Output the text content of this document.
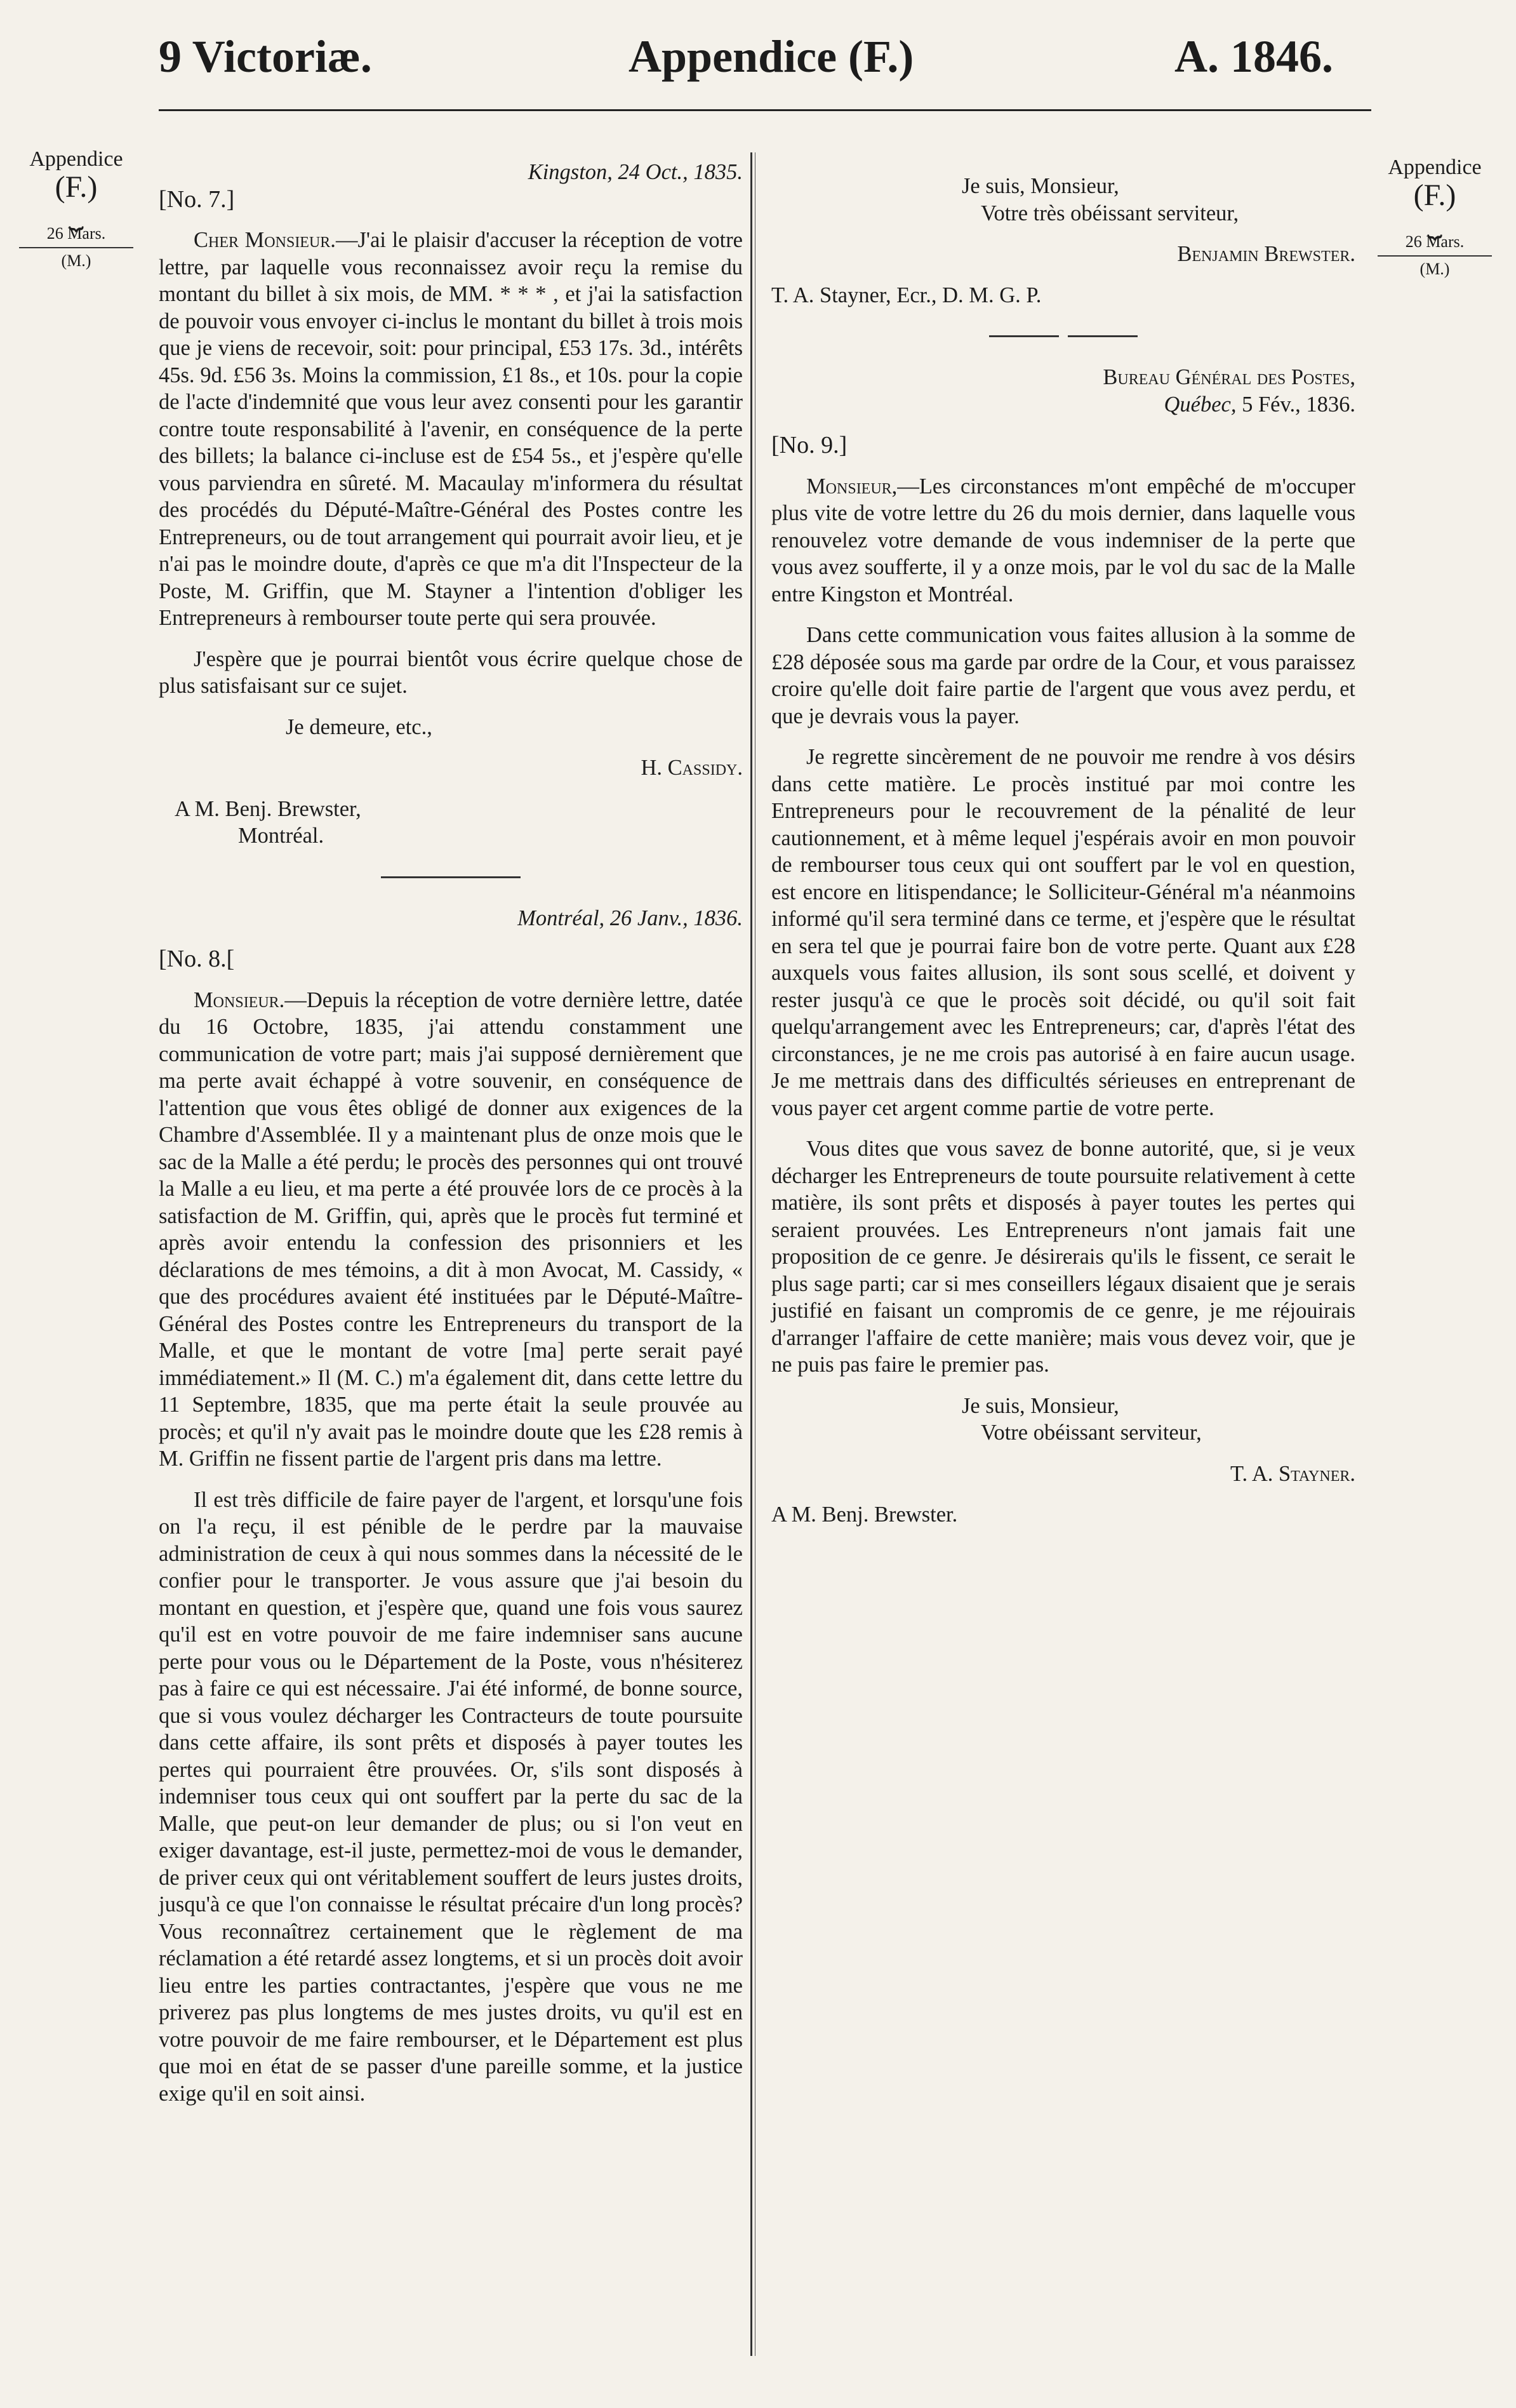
9 Victoriæ.	Appendice (F.)	A. 1846.
Appendice
(F.)
⏟
26 Mars.
(M.)
Appendice
(F.)
⏟
26 Mars.
(M.)
Kingston, 24 Oct., 1835.
[No. 7.]

Cher Monsieur.—J'ai le plaisir d'accuser la réception de votre lettre, par laquelle vous reconnaissez avoir reçu la remise du montant du billet à six mois, de MM. * * * , et j'ai la satisfaction de pouvoir vous envoyer ci-inclus le montant du billet à trois mois que je viens de recevoir, soit: pour principal, £53 17s. 3d., intérêts 45s. 9d. £56 3s. Moins la commission, £1 8s., et 10s. pour la copie de l'acte d'indemnité que vous leur avez consenti pour les garantir contre toute responsabilité à l'avenir, en conséquence de la perte des billets; la balance ci-incluse est de £54 5s., et j'espère qu'elle vous parviendra en sûreté. M. Macaulay m'informera du résultat des procédés du Député-Maître-Général des Postes contre les Entrepreneurs, ou de tout arrangement qui pourrait avoir lieu, et je n'ai pas le moindre doute, d'après ce que m'a dit l'Inspecteur de la Poste, M. Griffin, que M. Stayner a l'intention d'obliger les Entrepreneurs à rembourser toute perte qui sera prouvée.

J'espère que je pourrai bientôt vous écrire quelque chose de plus satisfaisant sur ce sujet.

Je demeure, etc.,
H. Cassidy.
A M. Benj. Brewster,
Montréal.
Montréal, 26 Janv., 1836.
[No. 8.[

Monsieur.—Depuis la réception de votre dernière lettre, datée du 16 Octobre, 1835, j'ai attendu constamment une communication de votre part; mais j'ai supposé dernièrement que ma perte avait échappé à votre souvenir, en conséquence de l'attention que vous êtes obligé de donner aux exigences de la Chambre d'Assemblée. Il y a maintenant plus de onze mois que le sac de la Malle a été perdu; le procès des personnes qui ont trouvé la Malle a eu lieu, et ma perte a été prouvée lors de ce procès à la satisfaction de M. Griffin, qui, après que le procès fut terminé et après avoir entendu la confession des prisonniers et les déclarations de mes témoins, a dit à mon Avocat, M. Cassidy, « que des procédures avaient été instituées par le Député-Maître-Général des Postes contre les Entrepreneurs du transport de la Malle, et que le montant de votre [ma] perte serait payé immédiatement.» Il (M. C.) m'a également dit, dans cette lettre du 11 Septembre, 1835, que ma perte était la seule prouvée au procès; et qu'il n'y avait pas le moindre doute que les £28 remis à M. Griffin ne fissent partie de l'argent pris dans ma lettre.

Il est très difficile de faire payer de l'argent, et lorsqu'une fois on l'a reçu, il est pénible de le perdre par la mauvaise administration de ceux à qui nous sommes dans la nécessité de le confier pour le transporter. Je vous assure que j'ai besoin du montant en question, et j'espère que, quand une fois vous saurez qu'il est en votre pouvoir de me faire indemniser sans aucune perte pour vous ou le Département de la Poste, vous n'hésiterez pas à faire ce qui est nécessaire. J'ai été informé, de bonne source, que si vous voulez décharger les Contracteurs de toute poursuite dans cette affaire, ils sont prêts et disposés à payer toutes les pertes qui pourraient être prouvées. Or, s'ils sont disposés à indemniser tous ceux qui ont souffert par la perte du sac de la Malle, que peut-on leur demander de plus; ou si l'on veut en exiger davantage, est-il juste, permettez-moi de vous le demander, de priver ceux qui ont véritablement souffert de leurs justes droits, jusqu'à ce que l'on connaisse le résultat précaire d'un long procès? Vous reconnaîtrez certainement que le règlement de ma réclamation a été retardé assez longtems, et si un procès doit avoir lieu entre les parties contractantes, j'espère que vous ne me priverez pas plus longtems de mes justes droits, vu qu'il est en votre pouvoir de me faire rembourser, et le Département est plus que moi en état de se passer d'une pareille somme, et la justice exige qu'il en soit ainsi.

Je suis, Monsieur,
Votre très obéissant serviteur,
Benjamin Brewster.
T. A. Stayner, Ecr., D. M. G. P.
Bureau Général des Postes,
Québec, 5 Fév., 1836.
[No. 9.]

Monsieur,—Les circonstances m'ont empêché de m'occuper plus vite de votre lettre du 26 du mois dernier, dans laquelle vous renouvelez votre demande de vous indemniser de la perte que vous avez soufferte, il y a onze mois, par le vol du sac de la Malle entre Kingston et Montréal.

Dans cette communication vous faites allusion à la somme de £28 déposée sous ma garde par ordre de la Cour, et vous paraissez croire qu'elle doit faire partie de l'argent que vous avez perdu, et que je devrais vous la payer.

Je regrette sincèrement de ne pouvoir me rendre à vos désirs dans cette matière. Le procès institué par moi contre les Entrepreneurs pour le recouvrement de la pénalité de leur cautionnement, et à même lequel j'espérais avoir en mon pouvoir de rembourser tous ceux qui ont souffert par le vol en question, est encore en litispendance; le Solliciteur-Général m'a néanmoins informé qu'il sera terminé dans ce terme, et j'espère que le résultat en sera tel que je pourrai faire bon de votre perte. Quant aux £28 auxquels vous faites allusion, ils sont sous scellé, et doivent y rester jusqu'à ce que le procès soit décidé, ou qu'il soit fait quelqu'arrangement avec les Entrepreneurs; car, d'après l'état des circonstances, je ne me crois pas autorisé à en faire aucun usage. Je me mettrais dans des difficultés sérieuses en entreprenant de vous payer cet argent comme partie de votre perte.

Vous dites que vous savez de bonne autorité, que, si je veux décharger les Entrepreneurs de toute poursuite relativement à cette matière, ils sont prêts et disposés à payer toutes les pertes qui seraient prouvées. Les Entrepreneurs n'ont jamais fait une proposition de ce genre. Je désirerais qu'ils le fissent, ce serait le plus sage parti; car si mes conseillers légaux disaient que je serais justifié en faisant un compromis de ce genre, je me réjouirais d'arranger l'affaire de cette manière; mais vous devez voir, que je ne puis pas faire le premier pas.

Je suis, Monsieur,
Votre obéissant serviteur,
T. A. Stayner.
A M. Benj. Brewster.
